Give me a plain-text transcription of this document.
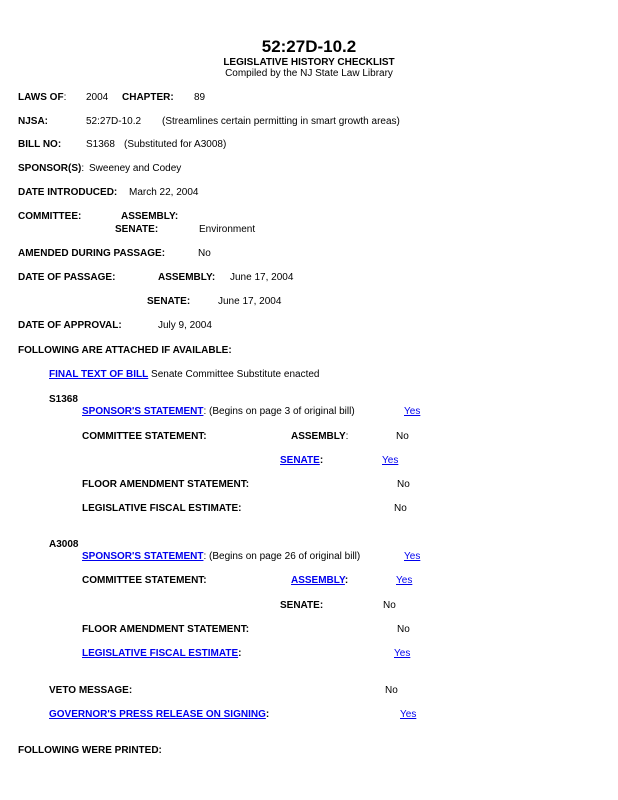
52:27D-10.2
LEGISLATIVE HISTORY CHECKLIST
Compiled by the NJ State Law Library
LAWS OF: 2004 CHAPTER: 89
NJSA:	52:27D-10.2 (Streamlines certain permitting in smart growth areas)
BILL NO: S1368 (Substituted for A3008)
SPONSOR(S): Sweeney and Codey
DATE INTRODUCED: March 22, 2004
COMMITTEE:	ASSEMBLY:
SENATE:	Environment
AMENDED DURING PASSAGE:	No
DATE OF PASSAGE:	ASSEMBLY: June 17, 2004
SENATE:	June 17, 2004
DATE OF APPROVAL:	July 9, 2004
FOLLOWING ARE ATTACHED IF AVAILABLE:
FINAL TEXT OF BILL Senate Committee Substitute enacted
S1368
SPONSOR'S STATEMENT: (Begins on page 3 of original bill)	Yes
COMMITTEE STATEMENT:	ASSEMBLY:	No
SENATE:	Yes
FLOOR AMENDMENT STATEMENT:	No
LEGISLATIVE FISCAL ESTIMATE:	No
A3008
SPONSOR'S STATEMENT: (Begins on page 26 of original bill)	Yes
COMMITTEE STATEMENT:	ASSEMBLY:	Yes
SENATE:	No
FLOOR AMENDMENT STATEMENT:	No
LEGISLATIVE FISCAL ESTIMATE:	Yes
VETO MESSAGE:	No
GOVERNOR'S PRESS RELEASE ON SIGNING:	Yes
FOLLOWING WERE PRINTED:
